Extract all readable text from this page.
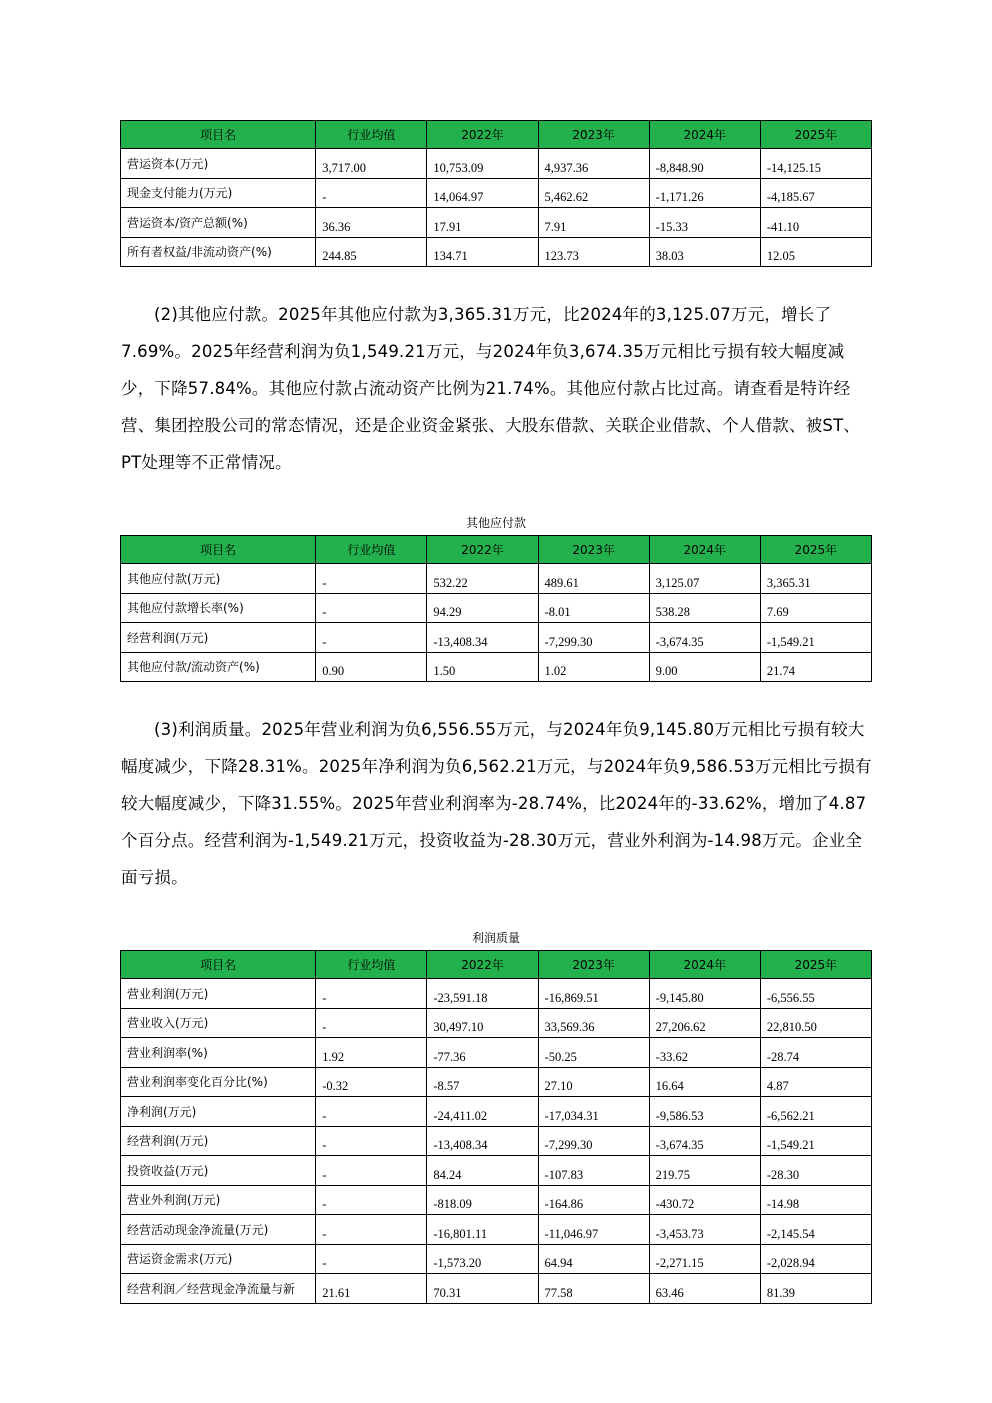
项目名	行业均值	2022年	2023年	2024年	2025年
营运资本(万元)	3,717.00	10,753.09	4,937.36	-8,848.90	-14,125.15
现金支付能力(万元)	-	14,064.97	5,462.62	-1,171.26	-4,185.67
营运资本/资产总额(%)	36.36	17.91	7.91	-15.33	-41.10
所有者权益/非流动资产(%)	244.85	134.71	123.73	38.03	12.05

(2)其他应付款。2025年其他应付款为3,365.31万元，比2024年的3,125.07万元，增长了7.69%。2025年经营利润为负1,549.21万元，与2024年负3,674.35万元相比亏损有较大幅度减少，下降57.84%。其他应付款占流动资产比例为21.74%。其他应付款占比过高。请查看是特许经营、集团控股公司的常态情况，还是企业资金紧张、大股东借款、关联企业借款、个人借款、被ST、PT处理等不正常情况。

其他应付款
项目名	行业均值	2022年	2023年	2024年	2025年
其他应付款(万元)	-	532.22	489.61	3,125.07	3,365.31
其他应付款增长率(%)	-	94.29	-8.01	538.28	7.69
经营利润(万元)	-	-13,408.34	-7,299.30	-3,674.35	-1,549.21
其他应付款/流动资产(%)	0.90	1.50	1.02	9.00	21.74

(3)利润质量。2025年营业利润为负6,556.55万元，与2024年负9,145.80万元相比亏损有较大幅度减少，下降28.31%。2025年净利润为负6,562.21万元，与2024年负9,586.53万元相比亏损有较大幅度减少，下降31.55%。2025年营业利润率为-28.74%，比2024年的-33.62%，增加了4.87个百分点。经营利润为-1,549.21万元，投资收益为-28.30万元，营业外利润为-14.98万元。企业全面亏损。

利润质量
项目名	行业均值	2022年	2023年	2024年	2025年
营业利润(万元)	-	-23,591.18	-16,869.51	-9,145.80	-6,556.55
营业收入(万元)	-	30,497.10	33,569.36	27,206.62	22,810.50
营业利润率(%)	1.92	-77.36	-50.25	-33.62	-28.74
营业利润率变化百分比(%)	-0.32	-8.57	27.10	16.64	4.87
净利润(万元)	-	-24,411.02	-17,034.31	-9,586.53	-6,562.21
经营利润(万元)	-	-13,408.34	-7,299.30	-3,674.35	-1,549.21
投资收益(万元)	-	84.24	-107.83	219.75	-28.30
营业外利润(万元)	-	-818.09	-164.86	-430.72	-14.98
经营活动现金净流量(万元)	-	-16,801.11	-11,046.97	-3,453.73	-2,145.54
营运资金需求(万元)	-	-1,573.20	64.94	-2,271.15	-2,028.94
经营利润／经营现金净流量与新	21.61	70.31	77.58	63.46	81.39
